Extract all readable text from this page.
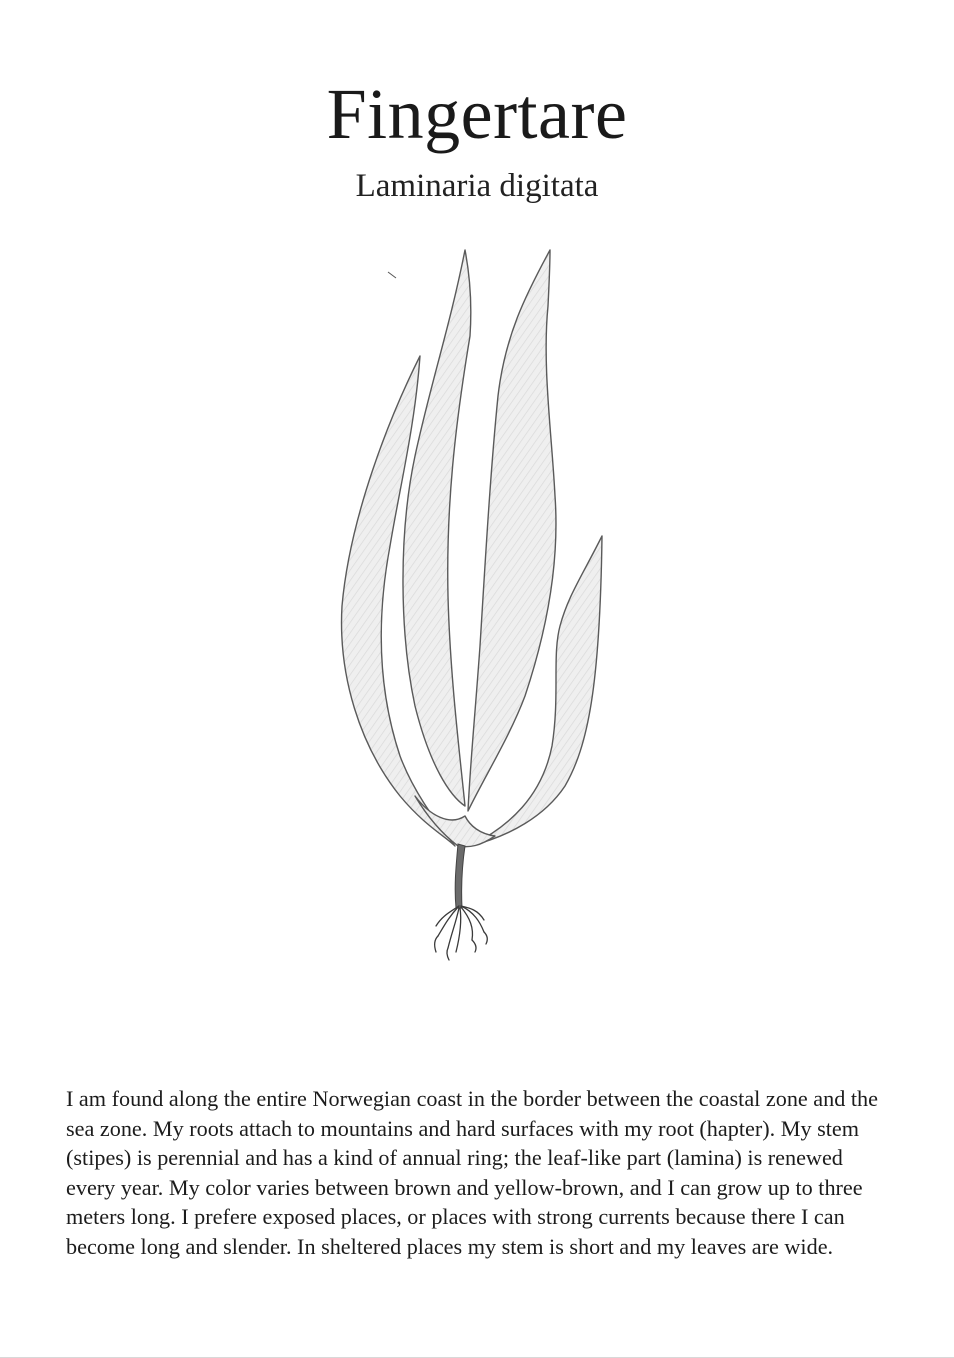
Fingertare
Laminaria digitata

I am found along the entire Norwegian coast in the border between the coastal zone and the sea zone. My roots attach to mountains and hard surfaces with my root (hapter). My stem (stipes) is perennial and has a kind of annual ring; the leaf-like part (lamina) is renewed every year. My color varies between brown and yellow-brown, and I can grow up to three meters long. I prefere exposed places, or places with strong currents because there I can become long and slender. In sheltered places my stem is short and my leaves are wide.
